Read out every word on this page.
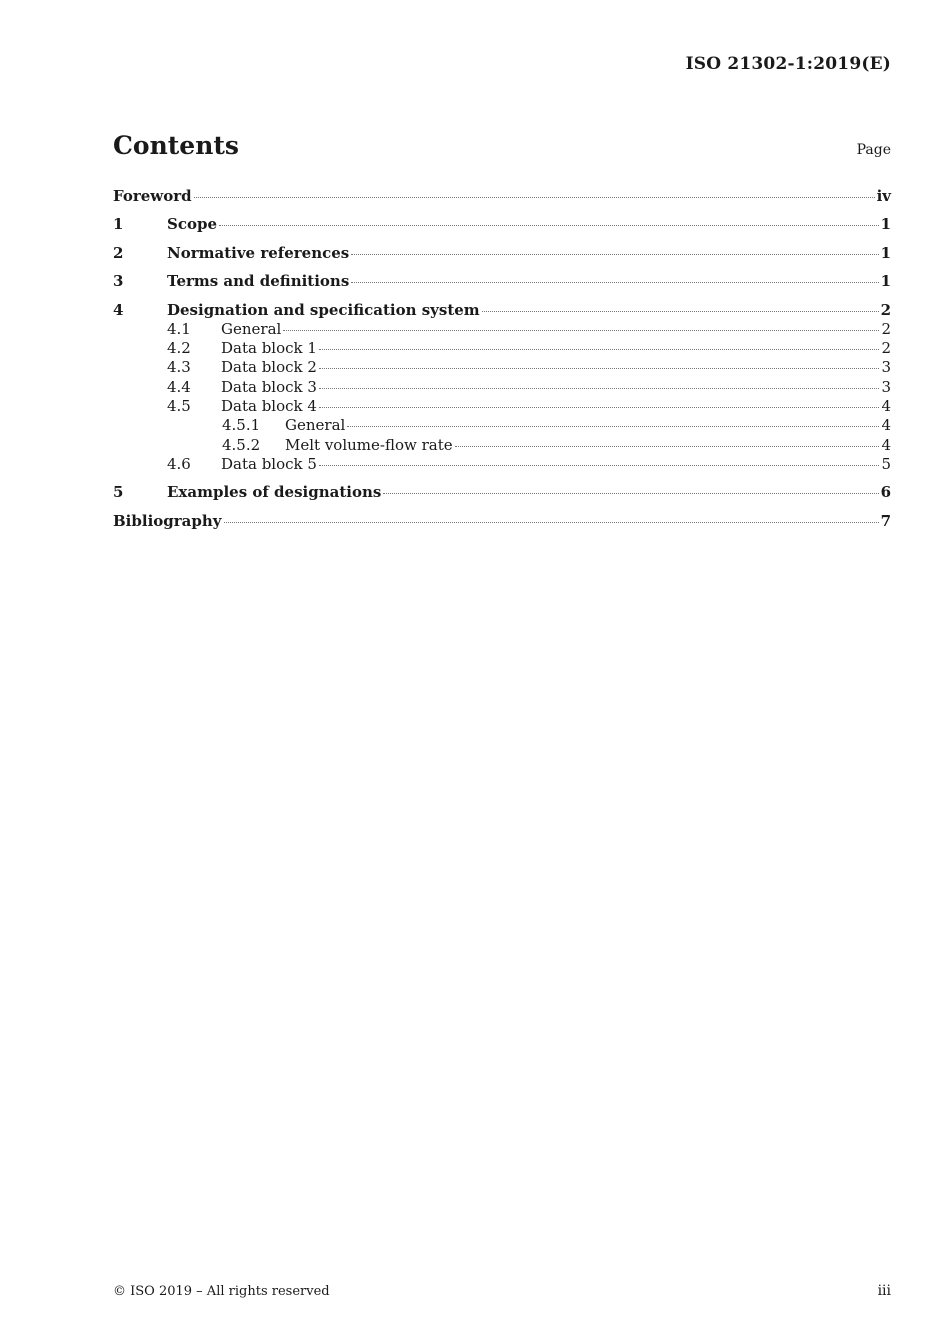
ISO 21302-1:2019(E)
Contents	Page
Foreword	iv
1	Scope	1
2	Normative references	1
3	Terms and definitions	1
4	Designation and specification system	2
4.1	General	2
4.2	Data block 1	2
4.3	Data block 2	3
4.4	Data block 3	3
4.5	Data block 4	4
4.5.1	General	4
4.5.2	Melt volume-flow rate	4
4.6	Data block 5	5
5	Examples of designations	6
Bibliography	7
© ISO 2019 – All rights reserved	iii
